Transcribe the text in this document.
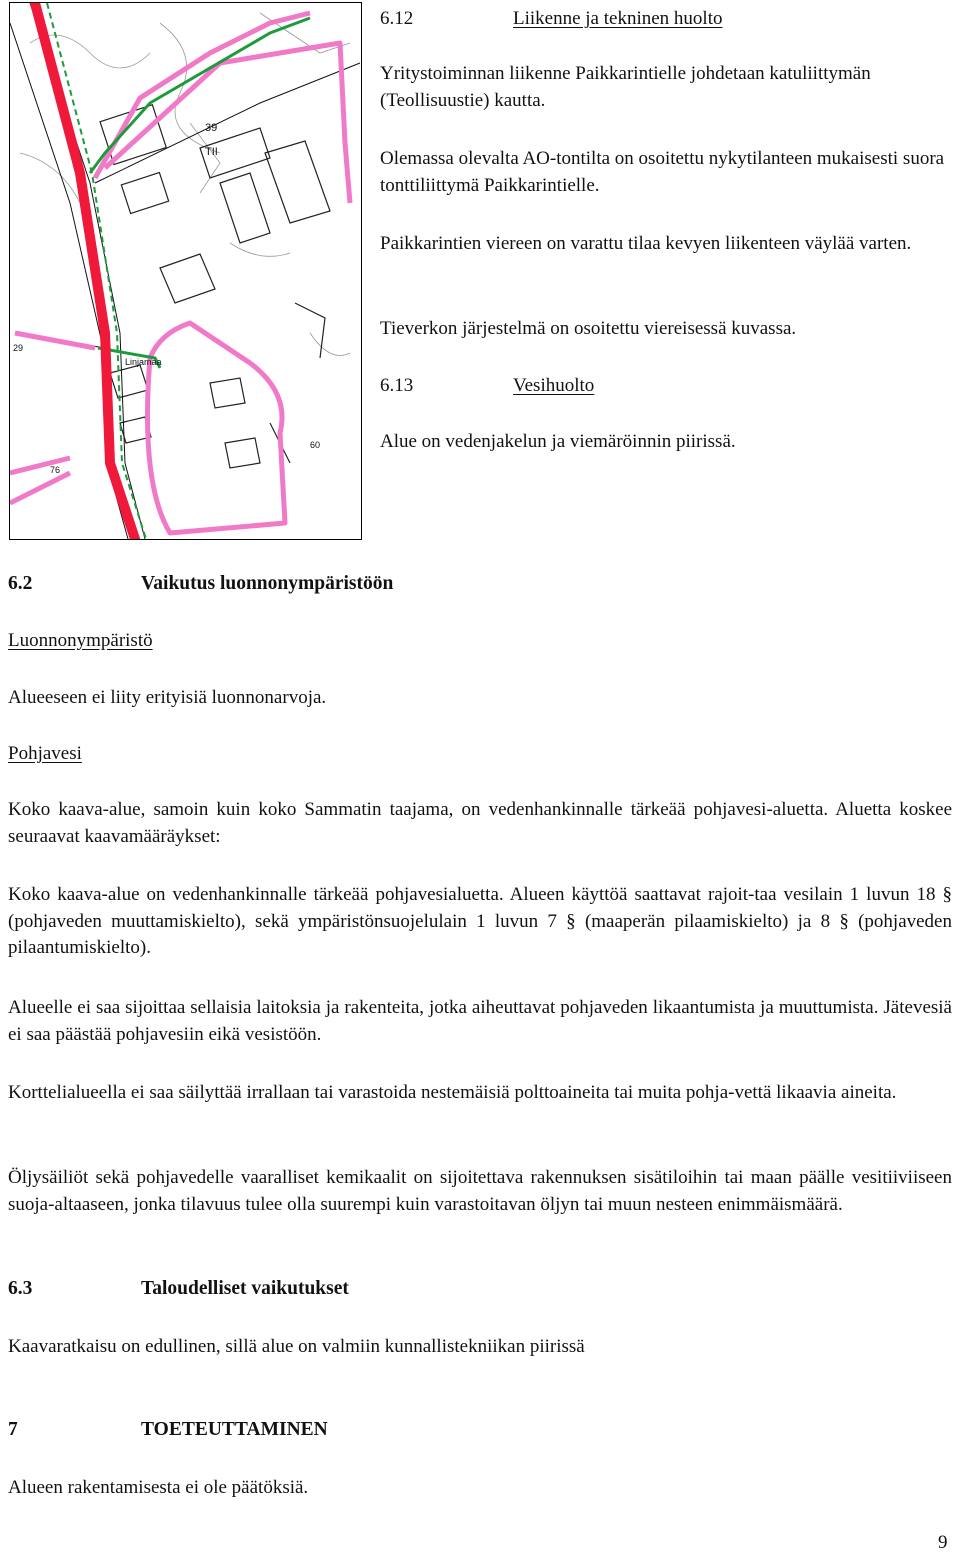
39
TII
Linjamaa
76
60
29
6.12	Liikenne ja tekninen huolto
Yritystoiminnan liikenne Paikkarintielle johdetaan katuliittymän (Teollisuustie) kautta.
Olemassa olevalta AO-tontilta on osoitettu nykytilanteen mukaisesti suora tonttiliittymä Paikkarintielle.
Paikkarintien viereen on varattu tilaa kevyen liikenteen väylää varten.
Tieverkon järjestelmä on osoitettu viereisessä kuvassa.
6.13	Vesihuolto
Alue on vedenjakelun ja viemäröinnin piirissä.
6.2	Vaikutus luonnonympäristöön
Luonnonympäristö
Alueeseen ei liity erityisiä luonnonarvoja.
Pohjavesi
Koko kaava-alue, samoin kuin koko Sammatin taajama, on vedenhankinnalle tärkeää pohjavesi-aluetta. Aluetta koskee seuraavat kaavamääräykset:
Koko kaava-alue on vedenhankinnalle tärkeää pohjavesialuetta. Alueen käyttöä saattavat rajoit-taa vesilain 1 luvun 18 § (pohjaveden muuttamiskielto), sekä ympäristönsuojelulain 1 luvun 7 § (maaperän pilaamiskielto) ja 8 § (pohjaveden pilaantumiskielto).
Alueelle ei saa sijoittaa sellaisia laitoksia ja rakenteita, jotka aiheuttavat pohjaveden likaantumista ja muuttumista. Jätevesiä ei saa päästää pohjavesiin eikä vesistöön.
Korttelialueella ei saa säilyttää irrallaan tai varastoida nestemäisiä polttoaineita tai muita pohja-vettä likaavia aineita.
Öljysäiliöt sekä pohjavedelle vaaralliset kemikaalit on sijoitettava rakennuksen sisätiloihin tai maan päälle vesitiiviiseen suoja-altaaseen, jonka tilavuus tulee olla suurempi kuin varastoitavan öljyn tai muun nesteen enimmäismäärä.
6.3	Taloudelliset vaikutukset
Kaavaratkaisu on edullinen, sillä alue on valmiin kunnallistekniikan piirissä
7	TOETEUTTAMINEN
Alueen rakentamisesta ei ole päätöksiä.
9
